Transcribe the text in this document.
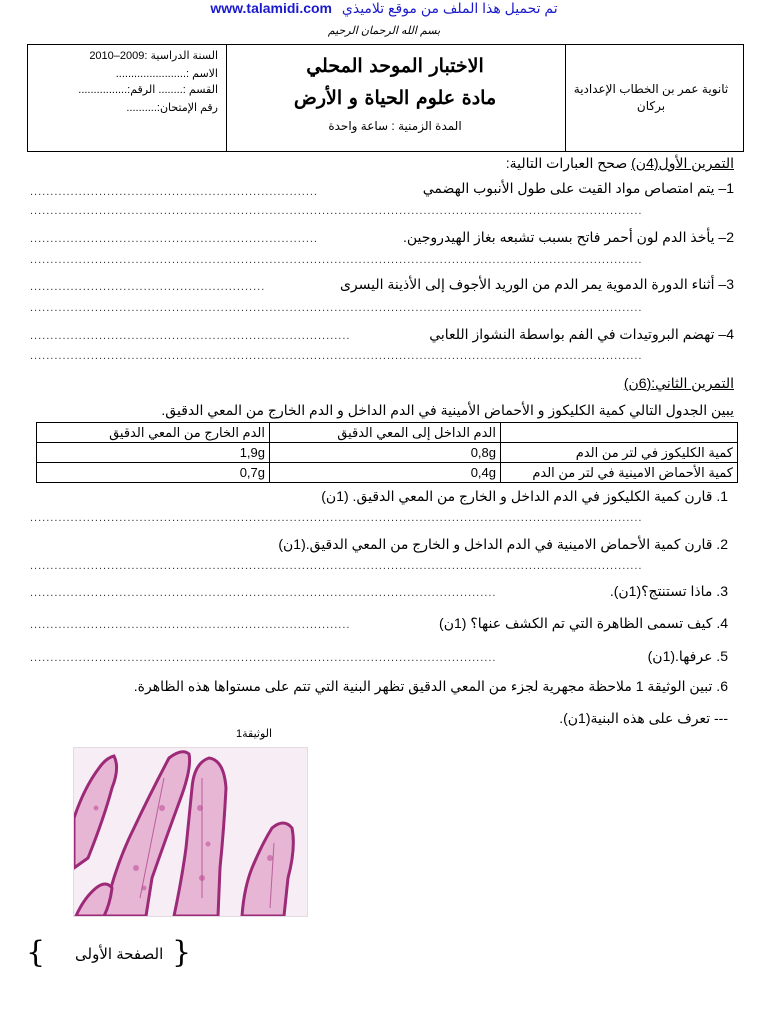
www.talamidi.com تم تحميل هذا الملف من موقع تلاميذي
بسم الله الرحمان الرحيم
ثانوية عمر بن الخطاب الإعدادية
بركان
الاختبار الموحد المحلي
مادة علوم الحياة و الأرض
المدة الزمنية : ساعة واحدة
السنة الدراسية :2009–2010
الاسم :.......................
القسم :........ الرقم:................
رقم الإمتحان:..........
التمرين الأول(4ن) صحح العبارات التالية:
1– يتم امتصاص مواد القيت على طول الأنبوب الهضمي
.......................................................................
.......................................................................................................................................................
2– يأخذ الدم لون أحمر فاتح بسبب تشبعه بغاز الهيدروجين.
.......................................................................
.......................................................................................................................................................
3– أثناء الدورة الدموية يمر الدم من الوريد الأجوف إلى الأذينة اليسرى
..........................................................
.......................................................................................................................................................
4– تهضم البروتيدات في الفم بواسطة النشواز اللعابي
...............................................................................
.......................................................................................................................................................
التمرين الثاني:(6ن)
يبين الجدول التالي كمية الكليكوز و الأحماض الأمينية في الدم الداخل و الدم الخارج من المعي الدقيق.
	الدم الداخل إلى المعي الدقيق	الدم الخارج من المعي الدقيق
كمية الكليكوز في لتر من الدم	0,8g	1,9g
كمية الأحماض الامينية في لتر من الدم	0,4g	0,7g
1. قارن كمية الكليكوز في الدم الداخل و الخارج من المعي الدقيق. (1ن)
.......................................................................................................................................................
2. قارن كمية الأحماض الامينية في الدم الداخل و الخارج من المعي الدقيق.(1ن)
.......................................................................................................................................................
3. ماذا تستنتج؟(1ن).
...................................................................................................................
4. كيف تسمى الظاهرة التي تم الكشف عنها؟ (1ن)
...............................................................................
5. عرفها.(1ن)
...................................................................................................................
6. تبين الوثيقة 1 ملاحظة مجهرية لجزء من المعي الدقيق تظهر البنية التي تتم على مستواها هذه الظاهرة.
--- تعرف على هذه البنية(1ن).
الوثيقة1
}
الصفحة الأولى
{
